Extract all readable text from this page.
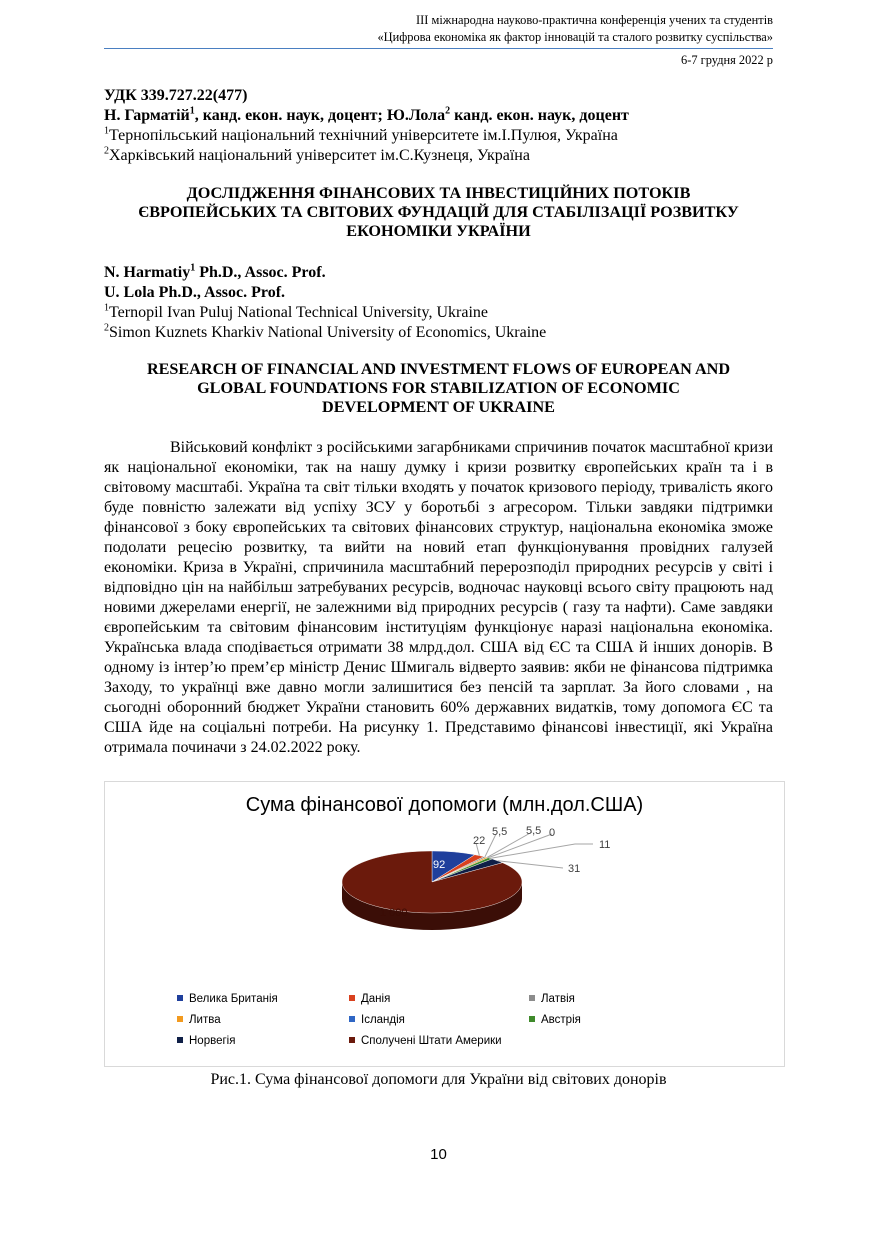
III міжнародна науково-практична конференція учених та студентів
«Цифрова економіка як фактор інновацій та сталого розвитку суспільства»
6-7 грудня 2022 р
УДК 339.727.22(477)
Н. Гарматій$^1$, канд. екон. наук, доцент; Ю.Лола$^2$ канд. екон. наук, доцент
$^1$Тернопільський національний технічний університете ім.І.Пулюя, Україна
$^2$Харківський національний університет ім.С.Кузнеця, Україна
ДОСЛІДЖЕННЯ ФІНАНСОВИХ ТА ІНВЕСТИЦІЙНИХ ПОТОКІВ
ЄВРОПЕЙСЬКИХ ТА СВІТОВИХ ФУНДАЦІЙ ДЛЯ СТАБІЛІЗАЦІЇ РОЗВИТКУ
ЕКОНОМІКИ УКРАЇНИ
N. Harmatiy$^1$ Ph.D., Assoc. Prof.
U. Lola Ph.D., Assoc. Prof.
$^1$Ternopil Ivan Puluj National Technical University, Ukraine
$^2$Simon Kuznets Kharkiv National University of Economics, Ukraine
RESEARCH OF FINANCIAL AND INVESTMENT FLOWS OF EUROPEAN AND
GLOBAL FOUNDATIONS FOR STABILIZATION OF ECONOMIC
DEVELOPMENT OF UKRAINE

Військовий конфлікт з російськими загарбниками спричинив початок масштабної кризи як національної економіки, так на нашу думку і кризи розвитку європейських країн та і в світовому масштабі. Україна та світ тільки входять у початок кризового періоду, тривалість якого буде повністю залежати від успіху ЗСУ у боротьбі з агресором. Тільки завдяки підтримки фінансової з боку європейських та світових фінансових структур, національна економіка зможе подолати рецесію розвитку, та вийти на новий етап функціонування провідних галузей економіки. Криза в Україні, спричинила масштабний перерозподіл природних ресурсів у світі і відповідно цін на найбільш затребуваних ресурсів, водночас науковці всього світу працюють над новими джерелами енергії, не залежними від природних ресурсів ( газу та нафти). Саме завдяки європейським та світовим фінансовим інституціям функціонує наразі національна економіка. Українська влада сподівається отримати 38 млрд.дол. США від ЄС та США й інших донорів. В одному із інтер’ю прем’єр міністр Денис Шмигаль відверто заявив: якби не фінансова підтримка Заходу, то українці вже давно могли залишитися без пенсій та зарплат. За його словами , на сьогодні оборонний бюджет України становить 60% державних видатків, тому допомога ЄС та США йде на соціальні потреби. На рисунку 1. Представимо фінансові інвестиції, які Україна отримала починачи з 24.02.2022 року.

Сума фінансової допомоги (млн.дол.США)
92
22
5,5 5,5 0
11
31
1 000
Велика Британія	Данія	Латвія
Литва	Ісландія	Австрія
Норвегія	Сполучені Штати Америки
Рис.1. Сума фінансової допомоги для України від світових донорів
10
